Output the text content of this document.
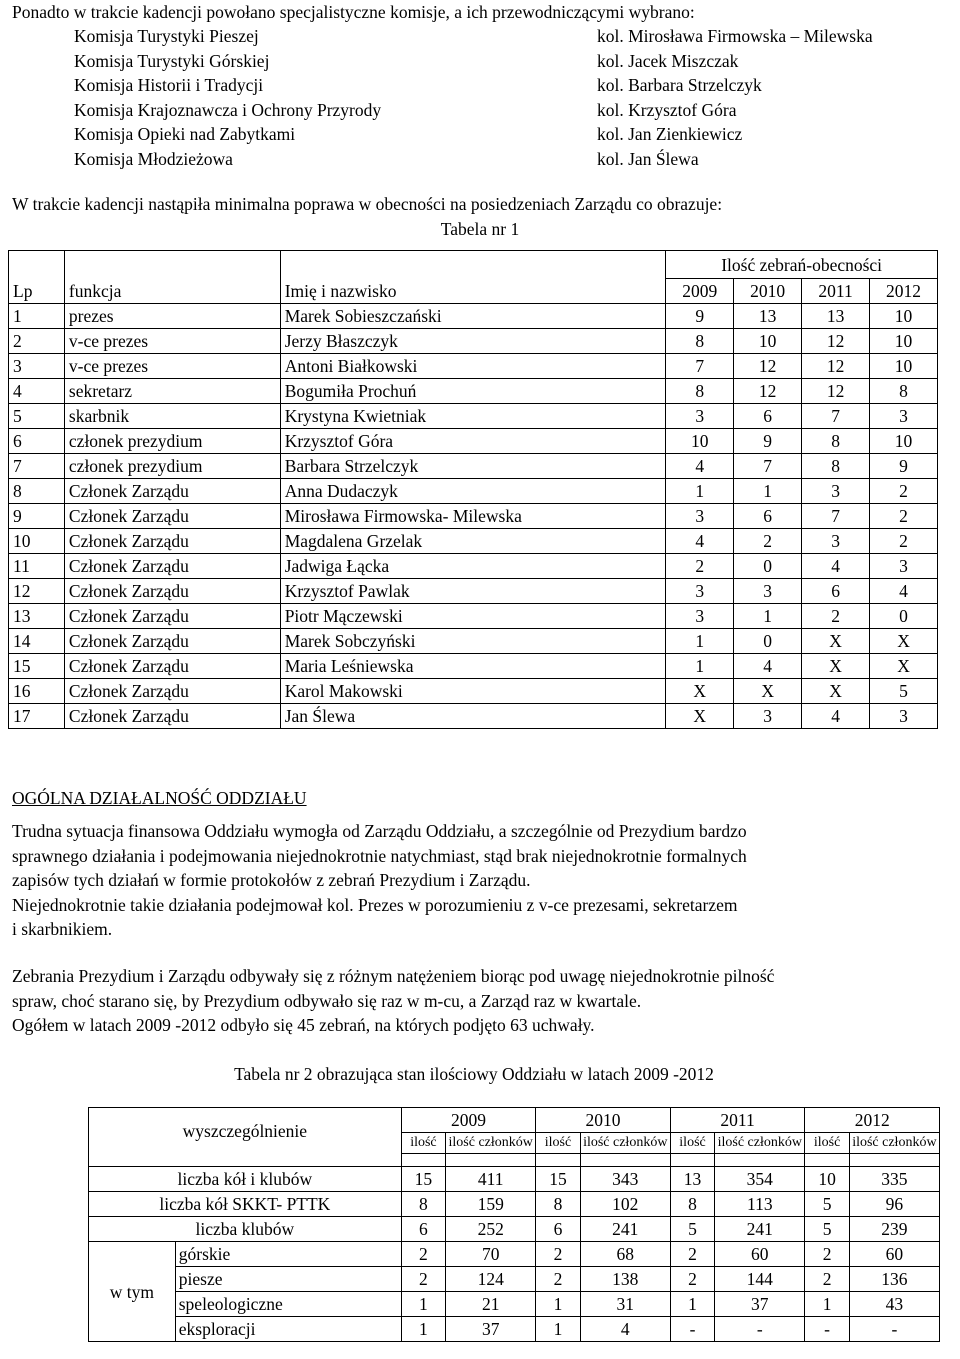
Ponadto w trakcie kadencji powołano specjalistyczne komisje, a ich przewodniczącymi wybrano:
Komisja Turystyki Pieszej	kol. Mirosława Firmowska – Milewska
Komisja Turystyki Górskiej	kol. Jacek Miszczak
Komisja Historii i Tradycji	kol. Barbara Strzelczyk
Komisja Krajoznawcza i Ochrony Przyrody	kol. Krzysztof Góra
Komisja Opieki nad Zabytkami	kol. Jan Zienkiewicz
Komisja Młodzieżowa	kol. Jan Ślewa
W trakcie kadencji nastąpiła minimalna poprawa w obecności na posiedzeniach Zarządu co obrazuje:
Tabela nr 1
			Ilość zebrań-obecności			
Lp	funkcja	Imię i nazwisko	2009	2010	2011	2012
1	prezes	Marek Sobieszczański	9	13	13	10
2	v-ce prezes	Jerzy Błaszczyk	8	10	12	10
3	v-ce prezes	Antoni Białkowski	7	12	12	10
4	sekretarz	Bogumiła Prochuń	8	12	12	8
5	skarbnik	Krystyna Kwietniak	3	6	7	3
6	członek prezydium	Krzysztof Góra	10	9	8	10
7	członek prezydium	Barbara Strzelczyk	4	7	8	9
8	Członek Zarządu	Anna Dudaczyk	1	1	3	2
9	Członek Zarządu	Mirosława Firmowska- Milewska	3	6	7	2
10	Członek Zarządu	Magdalena Grzelak	4	2	3	2
11	Członek Zarządu	Jadwiga Łącka	2	0	4	3
12	Członek Zarządu	Krzysztof Pawlak	3	3	6	4
13	Członek Zarządu	Piotr Mączewski	3	1	2	0
14	Członek Zarządu	Marek Sobczyński	1	0	X	X
15	Członek Zarządu	Maria Leśniewska	1	4	X	X
16	Członek Zarządu	Karol Makowski	X	X	X	5
17	Członek Zarządu	Jan Ślewa	X	3	4	3
OGÓLNA DZIAŁALNOŚĆ ODDZIAŁU
Trudna sytuacja finansowa Oddziału wymogła od Zarządu Oddziału, a szczególnie od Prezydium bardzo
sprawnego działania i podejmowania niejednokrotnie natychmiast, stąd brak niejednokrotnie formalnych
zapisów tych działań w formie protokołów z zebrań Prezydium i Zarządu.
Niejednokrotnie takie działania podejmował kol. Prezes w porozumieniu z v-ce prezesami, sekretarzem
i skarbnikiem.
Zebrania Prezydium i Zarządu odbywały się z różnym natężeniem biorąc pod uwagę niejednokrotnie pilność
spraw, choć starano się, by Prezydium odbywało się raz w m-cu, a Zarząd raz w kwartale.
Ogółem w latach 2009 -2012 odbyło się 45 zebrań, na których podjęto 63 uchwały.
Tabela nr 2 obrazująca stan ilościowy Oddziału w latach 2009 -2012
wyszczególnienie		2009		2010		2011		2012	
		ilość	ilość członków	ilość	ilość członków	ilość	ilość członków	ilość	ilość członków

liczba kół i klubów		15	411	15	343	13	354	10	335
liczba kół SKKT- PTTK		8	159	8	102	8	113	5	96
liczba klubów		6	252	6	241	5	241	5	239
w tym	górskie	2	70	2	68	2	60	2	60
	piesze	2	124	2	138	2	144	2	136
	speleologiczne	1	21	1	31	1	37	1	43
	eksploracji	1	37	1	4	-	-	-	-
